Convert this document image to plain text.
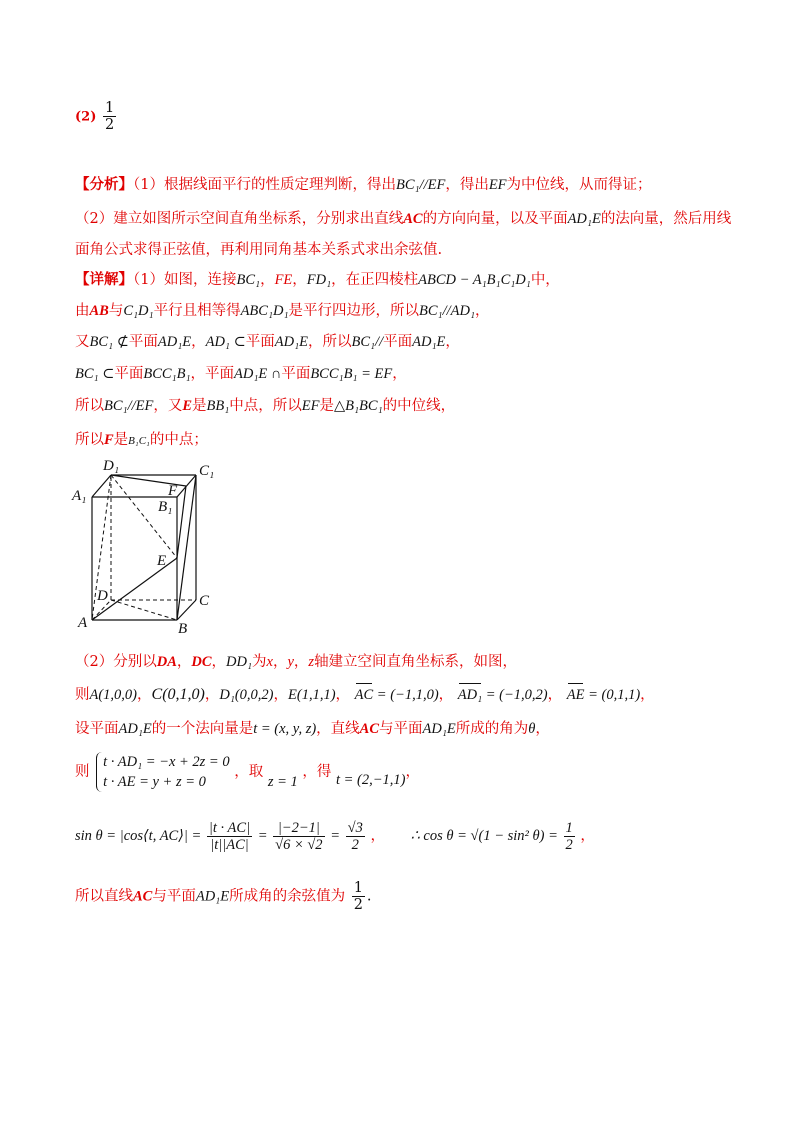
$(2) \frac{1}{2}$
【分析】（1）根据线面平行的性质定理判断，得出BC₁//EF，得出EF为中位线，从而得证；
（2）建立如图所示空间直角坐标系，分别求出直线AC的方向向量，以及平面AD₁E的法向量，然后用线
面角公式求得正弦值，再利用同角基本关系式求出余弦值.
【详解】（1）如图，连接BC₁，FE，FD₁，在正四棱柱ABCD − A₁B₁C₁D₁中，
由AB与C₁D₁平行且相等得ABC₁D₁是平行四边形，所以BC₁//AD₁，
又BC₁ ⊄平面AD₁E，AD₁ ⊂平面AD₁E，所以BC₁//平面AD₁E，
BC₁ ⊂平面BCC₁B₁，平面AD₁E ∩平面BCC₁B₁ = EF，
所以BC₁//EF，又E是BB₁中点，所以EF是△B₁BC₁的中位线，
所以F是B₁C₁的中点；
D₁	C₁
A₁	F
B₁
E
D	C
A	B
（2）分别以DA，DC，DD₁为x，y，z轴建立空间直角坐标系，如图，
则A(1,0,0)，C(0,1,0)，D₁(0,0,2)，E(1,1,1)， AC = (−1,1,0)， AD₁ = (−1,0,2)， AE = (0,1,1)，
设平面AD₁E的一个法向量是t = (x, y, z)，直线AC与平面AD₁E所成的角为θ，
则
t · AD₁ = −x + 2z = 0
t · AE = y + z = 0
，取 z = 1 ，得 t = (2,−1,1)，
sin θ = |cos⟨t, AC⟩| = $\frac{|t \cdot AC|}{|t||AC|} = \frac{|-2-1|}{√6 \times √2} = \frac{√3}{2}$ ， ∴ cos θ = √(1 − sin² $\theta) = \frac{1}{2}$ ，
所以直线AC与平面AD₁E所成角的余弦值为 $\frac{1}{2}$ .
